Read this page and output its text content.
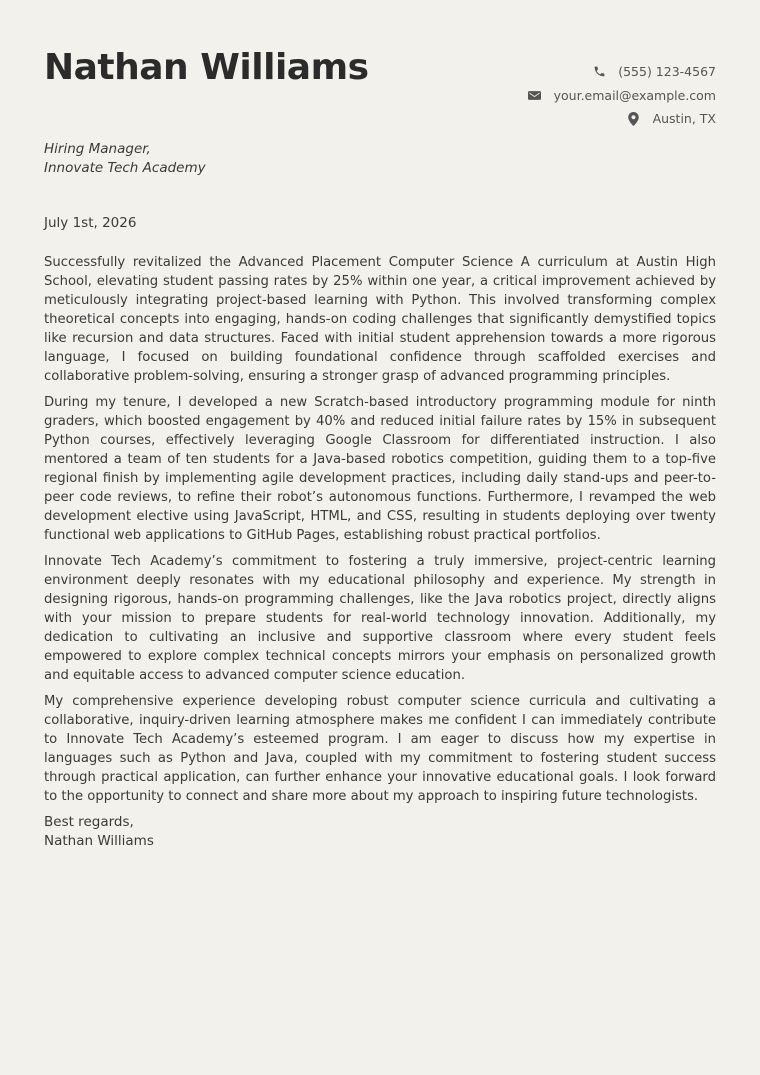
Nathan Williams	(555) 123-4567
your.email@example.com
Austin, TX
Hiring Manager,
Innovate Tech Academy
July 1st, 2026

Successfully revitalized the Advanced Placement Computer Science A curriculum at Austin High School, elevating student passing rates by 25% within one year, a critical improvement achieved by meticulously integrating project-based learning with Python. This involved transforming complex theoretical concepts into engaging, hands-on coding challenges that significantly demystified topics like recursion and data structures. Faced with initial student apprehension towards a more rigorous language, I focused on building foundational confidence through scaffolded exercises and collaborative problem-solving, ensuring a stronger grasp of advanced programming principles.

During my tenure, I developed a new Scratch-based introductory programming module for ninth graders, which boosted engagement by 40% and reduced initial failure rates by 15% in subsequent Python courses, effectively leveraging Google Classroom for differentiated instruction. I also mentored a team of ten students for a Java-based robotics competition, guiding them to a top-five regional finish by implementing agile development practices, including daily stand-ups and peer-to-peer code reviews, to refine their robot’s autonomous functions. Furthermore, I revamped the web development elective using JavaScript, HTML, and CSS, resulting in students deploying over twenty functional web applications to GitHub Pages, establishing robust practical portfolios.

Innovate Tech Academy’s commitment to fostering a truly immersive, project-centric learning environment deeply resonates with my educational philosophy and experience. My strength in designing rigorous, hands-on programming challenges, like the Java robotics project, directly aligns with your mission to prepare students for real-world technology innovation. Additionally, my dedication to cultivating an inclusive and supportive classroom where every student feels empowered to explore complex technical concepts mirrors your emphasis on personalized growth and equitable access to advanced computer science education.

My comprehensive experience developing robust computer science curricula and cultivating a collaborative, inquiry-driven learning atmosphere makes me confident I can immediately contribute to Innovate Tech Academy’s esteemed program. I am eager to discuss how my expertise in languages such as Python and Java, coupled with my commitment to fostering student success through practical application, can further enhance your innovative educational goals. I look forward to the opportunity to connect and share more about my approach to inspiring future technologists.

Best regards,
Nathan Williams
